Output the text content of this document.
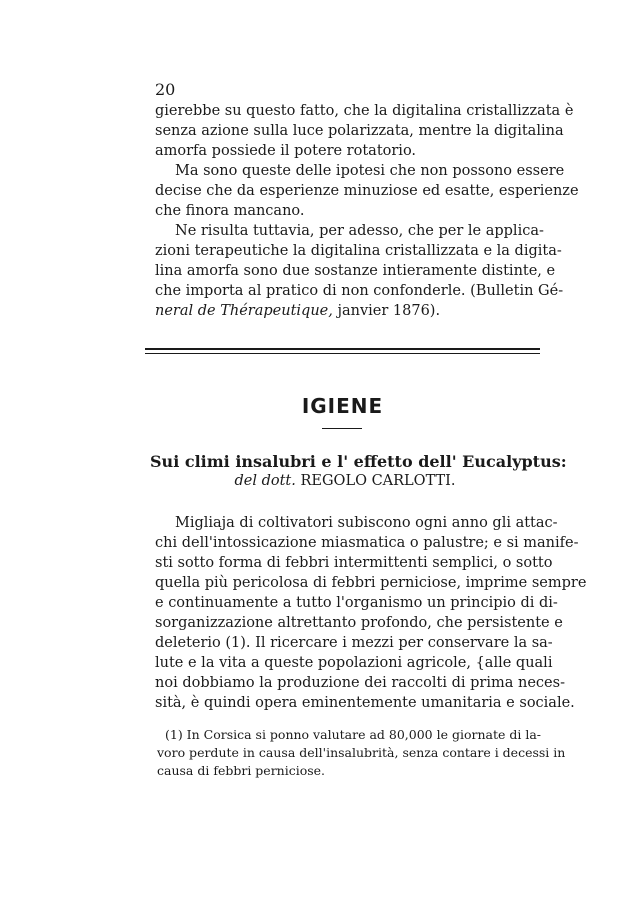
20
gierebbe su questo fatto, che la digitalina cristallizzata è
senza azione sulla luce polarizzata, mentre la digitalina
amorfa possiede il potere rotatorio.
Ma sono queste delle ipotesi che non possono essere
decise che da esperienze minuziose ed esatte, esperienze
che finora mancano.
Ne risulta tuttavia, per adesso, che per le applica-
zioni terapeutiche la digitalina cristallizzata e la digita-
lina amorfa sono due sostanze intieramente distinte, e
che importa al pratico di non confonderle. (Bulletin Gé-
neral de Thérapeutique, janvier 1876).
IGIENE
Sui climi insalubri e l' effetto dell' Eucalyptus:
del dott. REGOLO CARLOTTI.
Migliaja di coltivatori subiscono ogni anno gli attac-
chi dell'intossicazione miasmatica o palustre; e si manife-
sti sotto forma di febbri intermittenti semplici, o sotto
quella più pericolosa di febbri perniciose, imprime sempre
e continuamente a tutto l'organismo un principio di di-
sorganizzazione altrettanto profondo, che persistente e
deleterio (1). Il ricercare i mezzi per conservare la sa-
lute e la vita a queste popolazioni agricole, {alle quali
noi dobbiamo la produzione dei raccolti di prima neces-
sità, è quindi opera eminentemente umanitaria e sociale.
(1) In Corsica si ponno valutare ad 80,000 le giornate di la-
voro perdute in causa dell'insalubrità, senza contare i decessi in
causa di febbri perniciose.
